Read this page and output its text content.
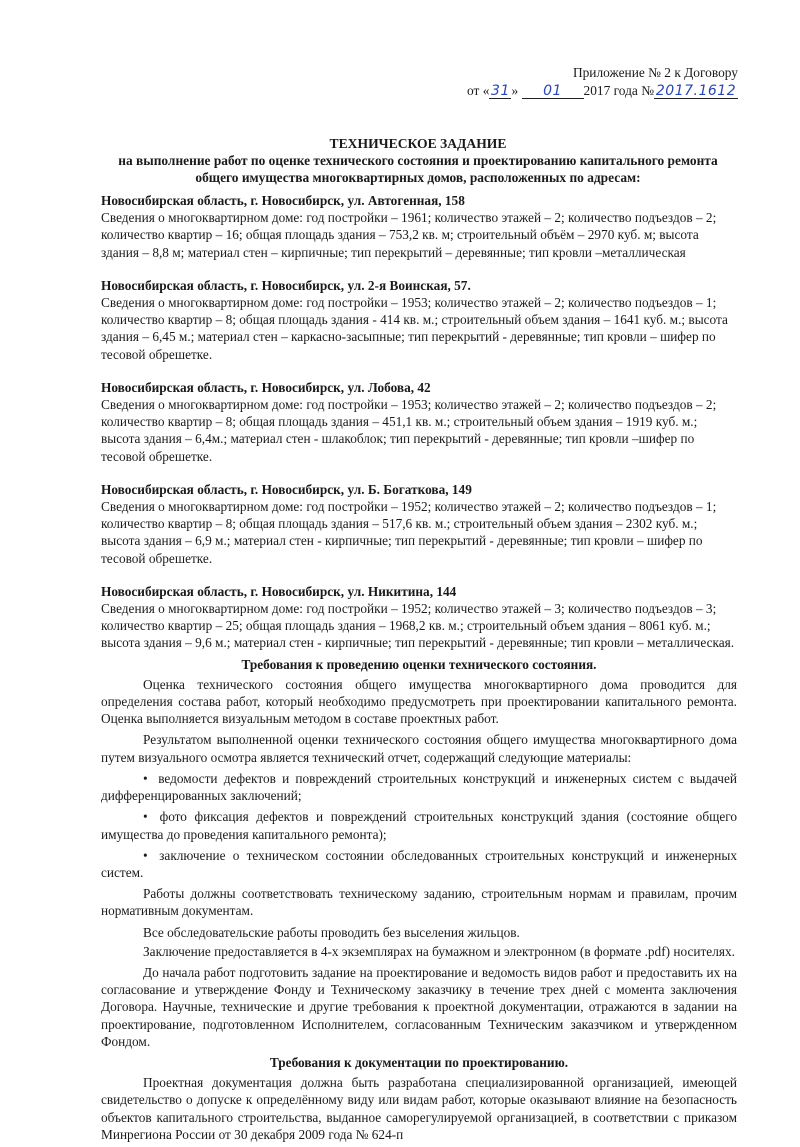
Приложение № 2 к Договору
от « 31 » 01 2017 года № 2017.1612
ТЕХНИЧЕСКОЕ ЗАДАНИЕ
на выполнение работ по оценке технического состояния и проектированию капитального ремонта
общего имущества многоквартирных домов, расположенных по адресам:

Новосибирская область, г. Новосибирск, ул. Автогенная, 158

Сведения о многоквартирном доме: год постройки – 1961; количество этажей – 2; количество подъездов – 2; количество квартир – 16; общая площадь здания – 753,2 кв. м; строительный объём – 2970 куб. м; высота здания – 8,8 м; материал стен – кирпичные; тип перекрытий – деревянные; тип кровли –металлическая

Новосибирская область, г. Новосибирск, ул. 2-я Воинская, 57.

Сведения о многоквартирном доме: год постройки – 1953; количество этажей – 2; количество подъездов – 1; количество квартир – 8; общая площадь здания - 414 кв. м.; строительный объем здания – 1641 куб. м.; высота здания – 6,45 м.; материал стен – каркасно-засыпные; тип перекрытий - деревянные; тип кровли – шифер по тесовой обрешетке.

Новосибирская область, г. Новосибирск, ул. Лобова, 42

Сведения о многоквартирном доме: год постройки – 1953; количество этажей – 2; количество подъездов – 2; количество квартир – 8; общая площадь здания – 451,1 кв. м.; строительный объем здания – 1919 куб. м.; высота здания – 6,4м.; материал стен - шлакоблок; тип перекрытий - деревянные; тип кровли –шифер по тесовой обрешетке.

Новосибирская область, г. Новосибирск, ул. Б. Богаткова, 149

Сведения о многоквартирном доме: год постройки – 1952; количество этажей – 2; количество подъездов – 1; количество квартир – 8; общая площадь здания – 517,6 кв. м.; строительный объем здания – 2302 куб. м.; высота здания – 6,9 м.; материал стен - кирпичные; тип перекрытий - деревянные; тип кровли – шифер по тесовой обрешетке.

Новосибирская область, г. Новосибирск, ул. Никитина, 144

Сведения о многоквартирном доме: год постройки – 1952; количество этажей – 3; количество подъездов – 3; количество квартир – 25; общая площадь здания – 1968,2 кв. м.; строительный объем здания – 8061 куб. м.; высота здания – 9,6 м.; материал стен - кирпичные; тип перекрытий - деревянные; тип кровли – металлическая.

Требования к проведению оценки технического состояния.

Оценка технического состояния общего имущества многоквартирного дома проводится для определения состава работ, который необходимо предусмотреть при проектировании капитального ремонта. Оценка выполняется визуальным методом в составе проектных работ.

Результатом выполненной оценки технического состояния общего имущества многоквартирного дома путем визуального осмотра является технический отчет, содержащий следующие материалы:

• ведомости дефектов и повреждений строительных конструкций и инженерных систем с выдачей дифференцированных заключений;
• фото фиксация дефектов и повреждений строительных конструкций здания (состояние общего имущества до проведения капитального ремонта);
• заключение о техническом состоянии обследованных строительных конструкций и инженерных систем.

Работы должны соответствовать техническому заданию, строительным нормам и правилам, прочим нормативным документам.

Все обследовательские работы проводить без выселения жильцов.

Заключение предоставляется в 4-х экземплярах на бумажном и электронном (в формате .pdf) носителях.

До начала работ подготовить задание на проектирование и ведомость видов работ и предоставить их на согласование и утверждение Фонду и Техническому заказчику в течение трех дней с момента заключения Договора. Научные, технические и другие требования к проектной документации, отражаются в задании на проектирование, подготовленном Исполнителем, согласованным Техническим заказчиком и утвержденном Фондом.

Требования к документации по проектированию.

Проектная документация должна быть разработана специализированной организацией, имеющей свидетельство о допуске к определённому виду или видам работ, которые оказывают влияние на безопасность объектов капитального строительства, выданное саморегулируемой организацией, в соответствии с приказом Минрегиона России от 30 декабря 2009 года № 624-п
